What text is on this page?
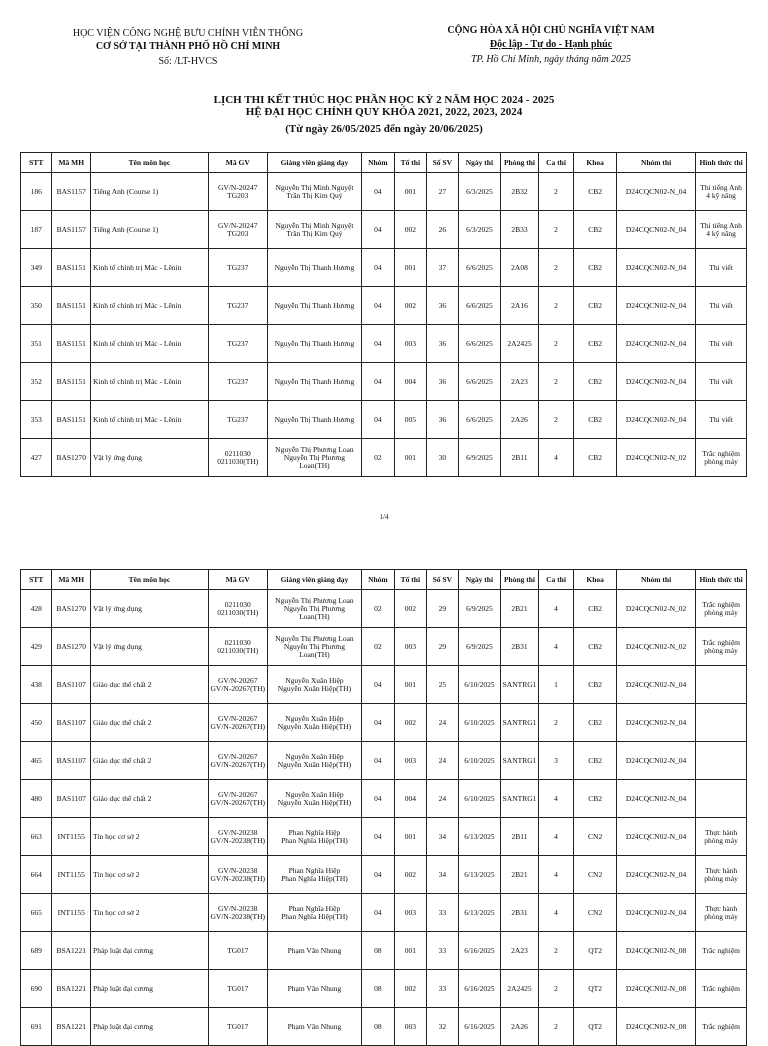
HỌC VIỆN CÔNG NGHỆ BƯU CHÍNH VIỄN THÔNG
CƠ SỞ TẠI THÀNH PHỐ HỒ CHÍ MINH
Số: /LT-HVCS
CỘNG HÒA XÃ HỘI CHỦ NGHĨA VIỆT NAM
Độc lập - Tự do - Hạnh phúc
TP. Hồ Chí Minh, ngày tháng năm 2025
LỊCH THI KẾT THÚC HỌC PHẦN HỌC KỲ 2 NĂM HỌC 2024 - 2025
HỆ ĐẠI HỌC CHÍNH QUY KHÓA 2021, 2022, 2023, 2024
(Từ ngày 26/05/2025 đến ngày 20/06/2025)
STT	Mã MH	Tên môn học	Mã GV	Giảng viên giảng dạy	Nhóm	Tổ thi	Số SV	Ngày thi	Phòng thi	Ca thi	Khoa	Nhóm thi	Hình thức thi
186	BAS1157	Tiếng Anh (Course 1)	GV/N-20247
TG203	Nguyễn Thị Minh Nguyệt
Trần Thị Kim Quý	04	001	27	6/3/2025	2B32	2	CB2	D24CQCN02-N_04	Thi tiếng Anh
4 kỹ năng
187	BAS1157	Tiếng Anh (Course 1)	GV/N-20247
TG203	Nguyễn Thị Minh Nguyệt
Trần Thị Kim Quý	04	002	26	6/3/2025	2B33	2	CB2	D24CQCN02-N_04	Thi tiếng Anh
4 kỹ năng
349	BAS1151	Kinh tế chính trị Mác - Lênin	TG237	Nguyễn Thị Thanh Hương	04	001	37	6/6/2025	2A08	2	CB2	D24CQCN02-N_04	Thi viết
350	BAS1151	Kinh tế chính trị Mác - Lênin	TG237	Nguyễn Thị Thanh Hương	04	002	36	6/6/2025	2A16	2	CB2	D24CQCN02-N_04	Thi viết
351	BAS1151	Kinh tế chính trị Mác - Lênin	TG237	Nguyễn Thị Thanh Hương	04	003	36	6/6/2025	2A2425	2	CB2	D24CQCN02-N_04	Thi viết
352	BAS1151	Kinh tế chính trị Mác - Lênin	TG237	Nguyễn Thị Thanh Hương	04	004	36	6/6/2025	2A23	2	CB2	D24CQCN02-N_04	Thi viết
353	BAS1151	Kinh tế chính trị Mác - Lênin	TG237	Nguyễn Thị Thanh Hương	04	005	36	6/6/2025	2A26	2	CB2	D24CQCN02-N_04	Thi viết
427	BAS1270	Vật lý ứng dụng	0211030
0211030(TH)	Nguyễn Thị Phương Loan
Nguyễn Thị Phương
Loan(TH)	02	001	30	6/9/2025	2B11	4	CB2	D24CQCN02-N_02	Trắc nghiệm
phòng máy
1/4
STT	Mã MH	Tên môn học	Mã GV	Giảng viên giảng dạy	Nhóm	Tổ thi	Số SV	Ngày thi	Phòng thi	Ca thi	Khoa	Nhóm thi	Hình thức thi
428	BAS1270	Vật lý ứng dụng	0211030
0211030(TH)	Nguyễn Thị Phương Loan
Nguyễn Thị Phương
Loan(TH)	02	002	29	6/9/2025	2B21	4	CB2	D24CQCN02-N_02	Trắc nghiệm
phòng máy
429	BAS1270	Vật lý ứng dụng	0211030
0211030(TH)	Nguyễn Thị Phương Loan
Nguyễn Thị Phương
Loan(TH)	02	003	29	6/9/2025	2B31	4	CB2	D24CQCN02-N_02	Trắc nghiệm
phòng máy
438	BAS1107	Giáo dục thể chất 2	GV/N-20267
GV/N-20267(TH)	Nguyễn Xuân Hiệp
Nguyễn Xuân Hiệp(TH)	04	001	25	6/10/2025	SANTRG1	1	CB2	D24CQCN02-N_04	
450	BAS1107	Giáo dục thể chất 2	GV/N-20267
GV/N-20267(TH)	Nguyễn Xuân Hiệp
Nguyễn Xuân Hiệp(TH)	04	002	24	6/10/2025	SANTRG1	2	CB2	D24CQCN02-N_04	
465	BAS1107	Giáo dục thể chất 2	GV/N-20267
GV/N-20267(TH)	Nguyễn Xuân Hiệp
Nguyễn Xuân Hiệp(TH)	04	003	24	6/10/2025	SANTRG1	3	CB2	D24CQCN02-N_04	
480	BAS1107	Giáo dục thể chất 2	GV/N-20267
GV/N-20267(TH)	Nguyễn Xuân Hiệp
Nguyễn Xuân Hiệp(TH)	04	004	24	6/10/2025	SANTRG1	4	CB2	D24CQCN02-N_04	
663	INT1155	Tin học cơ sở 2	GV/N-20238
GV/N-20238(TH)	Phan Nghĩa Hiệp
Phan Nghĩa Hiệp(TH)	04	001	34	6/13/2025	2B11	4	CN2	D24CQCN02-N_04	Thực hành
phòng máy
664	INT1155	Tin học cơ sở 2	GV/N-20238
GV/N-20238(TH)	Phan Nghĩa Hiệp
Phan Nghĩa Hiệp(TH)	04	002	34	6/13/2025	2B21	4	CN2	D24CQCN02-N_04	Thực hành
phòng máy
665	INT1155	Tin học cơ sở 2	GV/N-20238
GV/N-20238(TH)	Phan Nghĩa Hiệp
Phan Nghĩa Hiệp(TH)	04	003	33	6/13/2025	2B31	4	CN2	D24CQCN02-N_04	Thực hành
phòng máy
689	BSA1221	Pháp luật đại cương	TG017	Phạm Văn Nhung	08	001	33	6/16/2025	2A23	2	QT2	D24CQCN02-N_08	Trắc nghiệm
690	BSA1221	Pháp luật đại cương	TG017	Phạm Văn Nhung	08	002	33	6/16/2025	2A2425	2	QT2	D24CQCN02-N_08	Trắc nghiệm
691	BSA1221	Pháp luật đại cương	TG017	Phạm Văn Nhung	08	003	32	6/16/2025	2A26	2	QT2	D24CQCN02-N_08	Trắc nghiệm
